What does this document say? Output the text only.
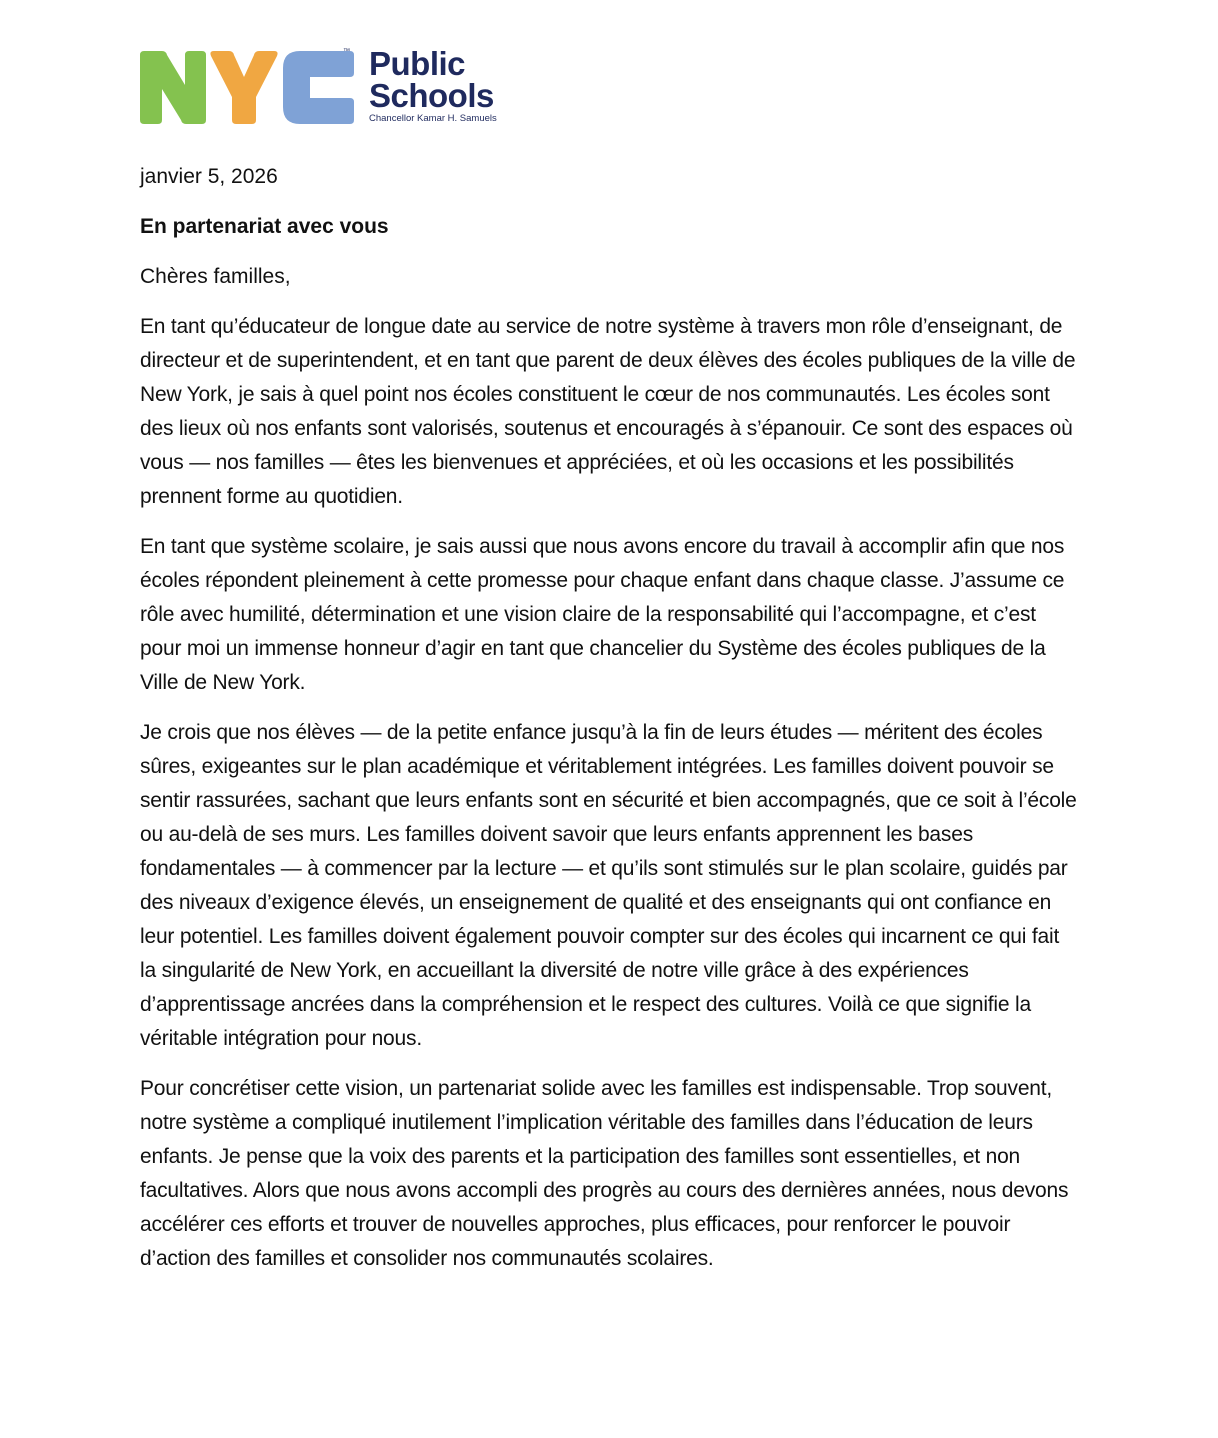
™ Public
Schools
Chancellor Kamar H. Samuels

janvier 5, 2026

En partenariat avec vous

Chères familles,

En tant qu’éducateur de longue date au service de notre système à travers mon rôle d’enseignant, de directeur et de superintendent, et en tant que parent de deux élèves des écoles publiques de la ville de New York, je sais à quel point nos écoles constituent le cœur de nos communautés. Les écoles sont des lieux où nos enfants sont valorisés, soutenus et encouragés à s’épanouir. Ce sont des espaces où vous — nos familles — êtes les bienvenues et appréciées, et où les occasions et les possibilités prennent forme au quotidien.

En tant que système scolaire, je sais aussi que nous avons encore du travail à accomplir afin que nos écoles répondent pleinement à cette promesse pour chaque enfant dans chaque classe. J’assume ce rôle avec humilité, détermination et une vision claire de la responsabilité qui l’accompagne, et c’est pour moi un immense honneur d’agir en tant que chancelier du Système des écoles publiques de la Ville de New York.

Je crois que nos élèves — de la petite enfance jusqu’à la fin de leurs études — méritent des écoles sûres, exigeantes sur le plan académique et véritablement intégrées. Les familles doivent pouvoir se sentir rassurées, sachant que leurs enfants sont en sécurité et bien accompagnés, que ce soit à l’école ou au-delà de ses murs. Les familles doivent savoir que leurs enfants apprennent les bases fondamentales — à commencer par la lecture — et qu’ils sont stimulés sur le plan scolaire, guidés par des niveaux d’exigence élevés, un enseignement de qualité et des enseignants qui ont confiance en leur potentiel. Les familles doivent également pouvoir compter sur des écoles qui incarnent ce qui fait la singularité de New York, en accueillant la diversité de notre ville grâce à des expériences d’apprentissage ancrées dans la compréhension et le respect des cultures. Voilà ce que signifie la véritable intégration pour nous.

Pour concrétiser cette vision, un partenariat solide avec les familles est indispensable. Trop souvent, notre système a compliqué inutilement l’implication véritable des familles dans l’éducation de leurs enfants. Je pense que la voix des parents et la participation des familles sont essentielles, et non facultatives. Alors que nous avons accompli des progrès au cours des dernières années, nous devons accélérer ces efforts et trouver de nouvelles approches, plus efficaces, pour renforcer le pouvoir d’action des familles et consolider nos communautés scolaires.
